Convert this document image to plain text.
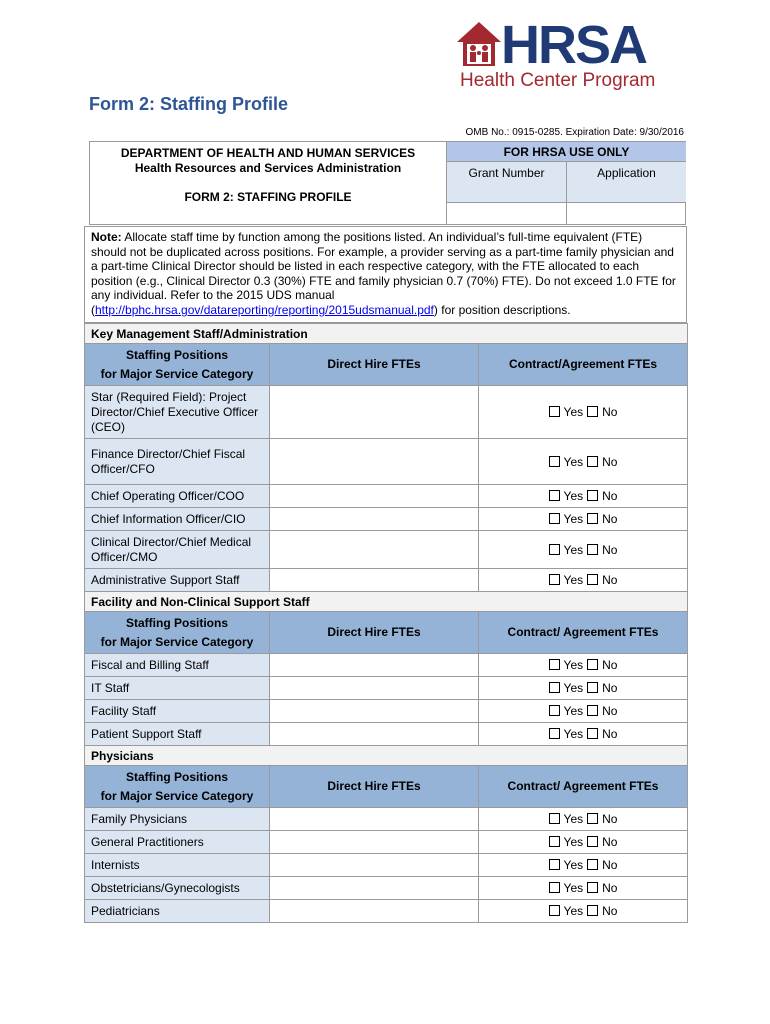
HRSA
Health Center Program
Form 2: Staffing Profile
OMB No.: 0915-0285. Expiration Date: 9/30/2016
DEPARTMENT OF HEALTH AND HUMAN SERVICES
Health Resources and Services Administration
FORM 2: STAFFING PROFILE
FOR HRSA USE ONLY
Grant Number	Application
Note: Allocate staff time by function among the positions listed. An individual’s full-time equivalent (FTE) should not be duplicated across positions. For example, a provider serving as a part-time family physician and a part-time Clinical Director should be listed in each respective category, with the FTE allocated to each position (e.g., Clinical Director 0.3 (30%) FTE and family physician 0.7 (70%) FTE). Do not exceed 1.0 FTE for any individual. Refer to the 2015 UDS manual
(http://bphc.hrsa.gov/datareporting/reporting/2015udsmanual.pdf) for position descriptions.
Key Management Staff/Administration		
Staffing Positions
for Major Service Category	Direct Hire FTEs	Contract/Agreement FTEs
Star (Required Field): Project Director/Chief Executive Officer (CEO)		Yes No
Finance Director/Chief Fiscal Officer/CFO		Yes No
Chief Operating Officer/COO		Yes No
Chief Information Officer/CIO		Yes No
Clinical Director/Chief Medical Officer/CMO		Yes No
Administrative Support Staff		Yes No
Facility and Non-Clinical Support Staff		
Staffing Positions
for Major Service Category	Direct Hire FTEs	Contract/ Agreement FTEs
Fiscal and Billing Staff		Yes No
IT Staff		Yes No
Facility Staff		Yes No
Patient Support Staff		Yes No
Physicians		
Staffing Positions
for Major Service Category	Direct Hire FTEs	Contract/ Agreement FTEs
Family Physicians		Yes No
General Practitioners		Yes No
Internists		Yes No
Obstetricians/Gynecologists		Yes No
Pediatricians		Yes No
